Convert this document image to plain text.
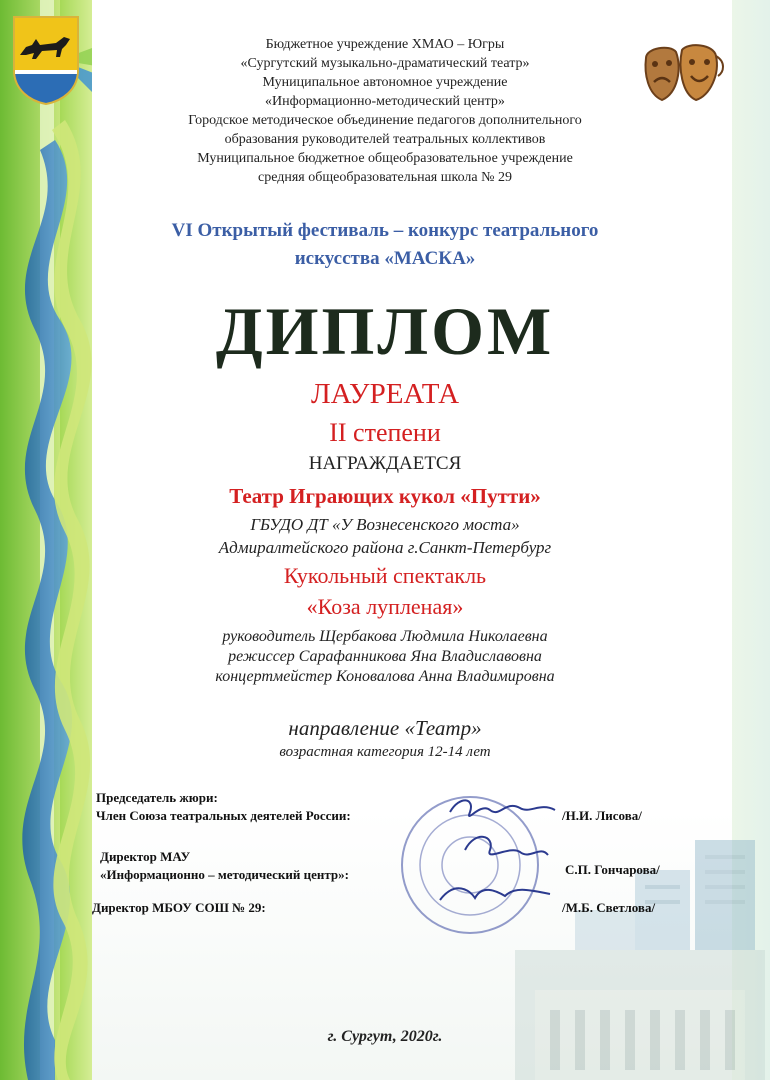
Бюджетное учреждение ХМАО – Югры

«Сургутский музыкально-драматический театр»

Муниципальное автономное учреждение

«Информационно-методический центр»

Городское методическое объединение педагогов дополнительного

образования руководителей театральных коллективов

Муниципальное бюджетное общеобразовательное учреждение

средняя общеобразовательная школа № 29

VI Открытый фестиваль – конкурс театрального

искусства «МАСКА»

ДИПЛОМ

ЛАУРЕАТА

II степени

НАГРАЖДАЕТСЯ

Театр Играющих кукол «Путти»

ГБУДО ДТ «У Вознесенского моста»

Адмиралтейского района г.Санкт-Петербург

Кукольный спектакль

«Коза лупленая»

руководитель Щербакова Людмила Николаевна

режиссер Сарафанникова Яна Владиславовна

концертмейстер Коновалова Анна Владимировна

направление «Театр»

возрастная категория 12-14 лет

Председатель жюри:

Член Союза театральных деятелей России:	/Н.И. Лисова/

Директор МАУ

«Информационно – методический центр»:	С.П. Гончарова/

Директор МБОУ СОШ № 29:	/М.Б. Светлова/

г. Сургут, 2020г.
